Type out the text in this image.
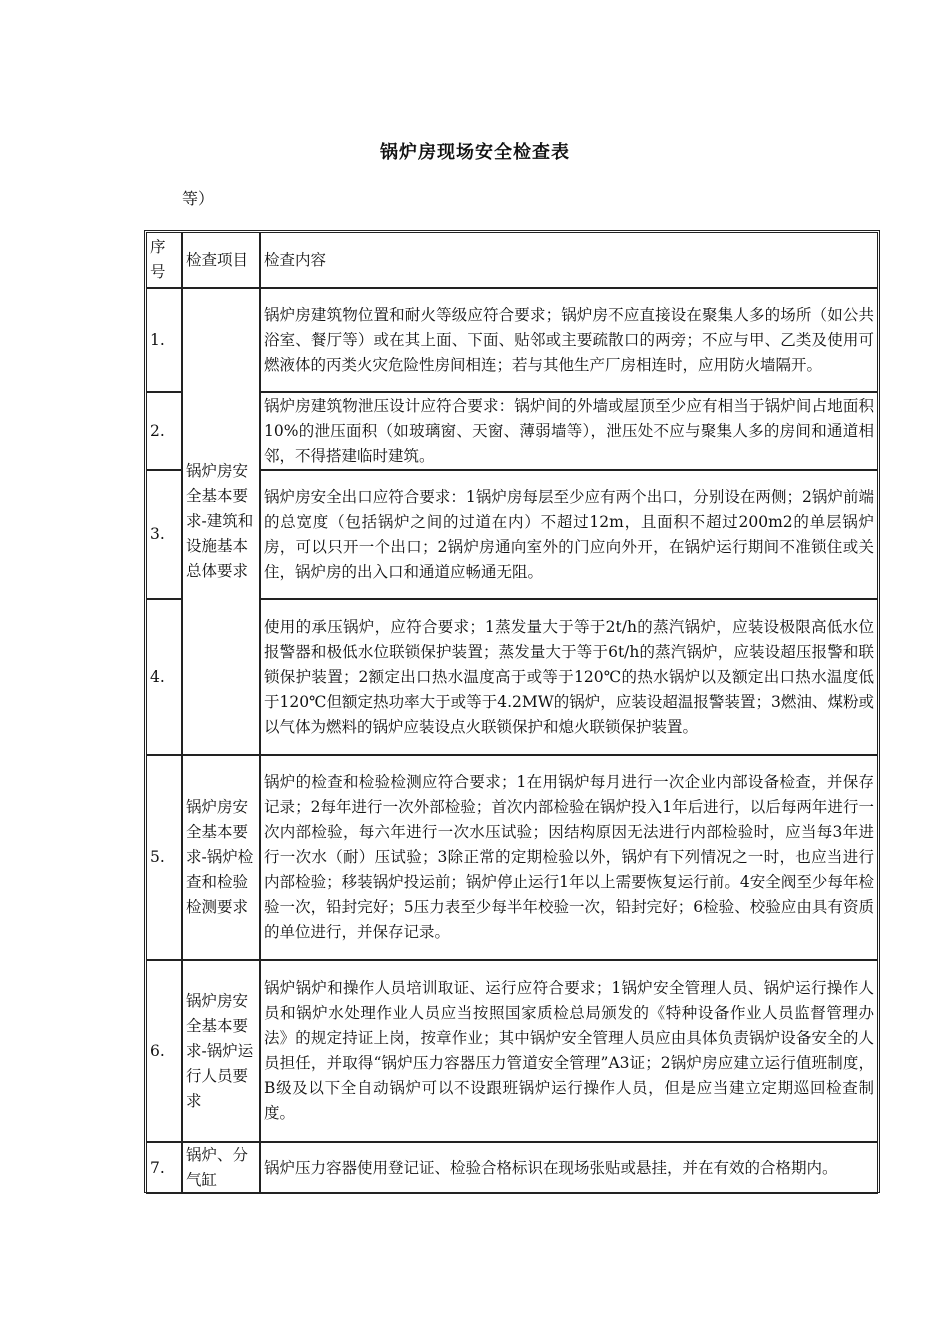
锅炉房现场安全检查表
等）
序号	检查项目	检查内容
1.	锅炉房安全基本要求-建筑和设施基本总体要求	锅炉房建筑物位置和耐火等级应符合要求；锅炉房不应直接设在聚集人多的场所（如公共浴室、餐厅等）或在其上面、下面、贴邻或主要疏散口的两旁；不应与甲、乙类及使用可燃液体的丙类火灾危险性房间相连；若与其他生产厂房相连时，应用防火墙隔开。
2.		锅炉房建筑物泄压设计应符合要求：锅炉间的外墙或屋顶至少应有相当于锅炉间占地面积10%的泄压面积（如玻璃窗、天窗、薄弱墙等），泄压处不应与聚集人多的房间和通道相邻，不得搭建临时建筑。
3.		锅炉房安全出口应符合要求：1锅炉房每层至少应有两个出口，分别设在两侧；2锅炉前端的总宽度（包括锅炉之间的过道在内）不超过12m，且面积不超过200m2的单层锅炉房，可以只开一个出口；2锅炉房通向室外的门应向外开，在锅炉运行期间不准锁住或关住，锅炉房的出入口和通道应畅通无阻。
4.		使用的承压锅炉，应符合要求；1蒸发量大于等于2t/h的蒸汽锅炉，应装设极限高低水位报警器和极低水位联锁保护装置；蒸发量大于等于6t/h的蒸汽锅炉，应装设超压报警和联锁保护装置；2额定出口热水温度高于或等于120℃的热水锅炉以及额定出口热水温度低于120℃但额定热功率大于或等于4.2MW的锅炉，应装设超温报警装置；3燃油、煤粉或以气体为燃料的锅炉应装设点火联锁保护和熄火联锁保护装置。
5.	锅炉房安全基本要求-锅炉检查和检验检测要求	锅炉的检查和检验检测应符合要求；1在用锅炉每月进行一次企业内部设备检查，并保存记录；2每年进行一次外部检验；首次内部检验在锅炉投入1年后进行，以后每两年进行一次内部检验，每六年进行一次水压试验；因结构原因无法进行内部检验时，应当每3年进行一次水（耐）压试验；3除正常的定期检验以外，锅炉有下列情况之一时，也应当进行内部检验；移装锅炉投运前；锅炉停止运行1年以上需要恢复运行前。4安全阀至少每年检验一次，铅封完好；5压力表至少每半年校验一次，铅封完好；6检验、校验应由具有资质的单位进行，并保存记录。
6.	锅炉房安全基本要求-锅炉运行人员要求	锅炉锅炉和操作人员培训取证、运行应符合要求；1锅炉安全管理人员、锅炉运行操作人员和锅炉水处理作业人员应当按照国家质检总局颁发的《特种设备作业人员监督管理办法》的规定持证上岗，按章作业；其中锅炉安全管理人员应由具体负责锅炉设备安全的人员担任，并取得“锅炉压力容器压力管道安全管理”A3证；2锅炉房应建立运行值班制度，B级及以下全自动锅炉可以不设跟班锅炉运行操作人员，但是应当建立定期巡回检查制度。
7.	锅炉、分气缸	锅炉压力容器使用登记证、检验合格标识在现场张贴或悬挂，并在有效的合格期内。
